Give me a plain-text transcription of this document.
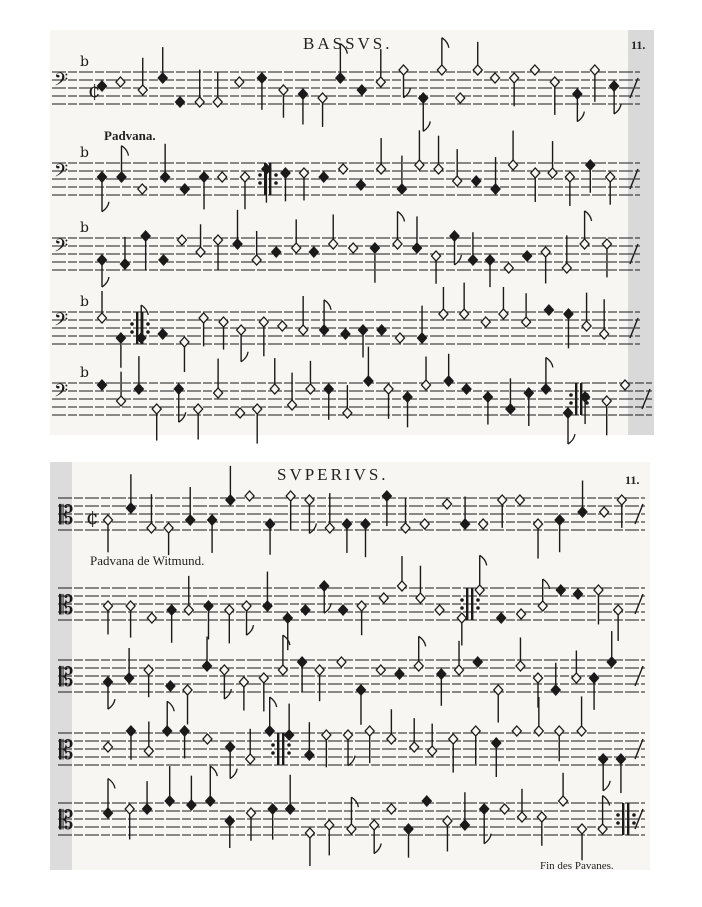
𝄢
b
𝄢
b
𝄢
b
𝄢
b
𝄢
b
𝄡
𝄡
𝄡
𝄡
𝄡
¢
¢
BASSVS.	11.
Padvana.
SVPERIVS.	11.
Padvana de Witmund.
Fin des Pavanes.
